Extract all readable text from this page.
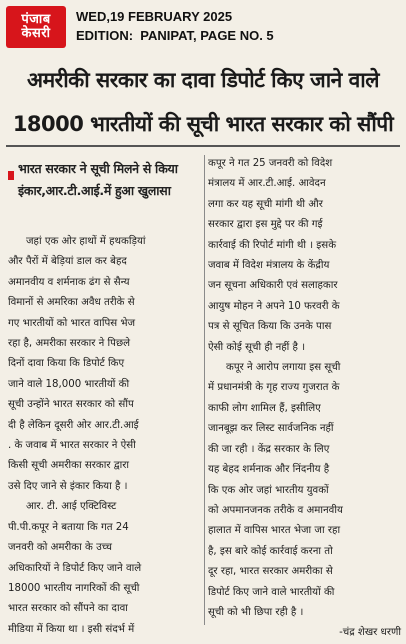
पंजाब
केसरी
WED,19 FEBRUARY 2025
EDITION:  PANIPAT, PAGE NO. 5
अमरीकी सरकार का दावा डिपोर्ट किए जाने वाले
18000 भारतीयों की सूची भारत सरकार को सौंपी
भारत सरकार ने सूची मिलने से किया
इंकार,आर.टी.आई.में हुआ खुलासा

जहां एक ओर हाथों में हथकड़ियां

और पैरों में बेड़ियां डाल कर बेहद

अमानवीय व शर्मनाक ढंग से सैन्य

विमानों से अमरिका अवैध तरीके से

गए भारतीयों को भारत वापिस भेज

रहा है, अमरीका सरकार ने पिछले

दिनों दावा किया कि डिपोर्ट किए

जाने वाले 18,000 भारतीयों की

सूची उन्होंने भारत सरकार को सौंप

दी है लेकिन दूसरी ओर आर.टी.आई

. के जवाब में भारत सरकार ने ऐसी

किसी सूची अमरीका सरकार द्वारा

उसे दिए जाने से इंकार किया है ।

आर. टी. आई एक्टिविस्ट

पी.पी.कपूर ने बताया कि गत 24

जनवरी को अमरीका के उच्च

अधिकारियों ने डिपोर्ट किए जाने वाले

18000 भारतीय नागरिकों की सूची

भारत सरकार को सौंपने का दावा

मीडिया में किया था । इसी संदर्भ में

कपूर ने गत 25 जनवरी को विदेश

मंत्रालय में आर.टी.आई. आवेदन

लगा कर यह सूची मांगी थी और

सरकार द्वारा इस मुद्दे पर की गई

कार्रवाई की रिपोर्ट मांगी थी । इसके

जवाब में विदेश मंत्रालय के केंद्रीय

जन सूचना अधिकारी एवं सलाहकार

आयुष मोहन ने अपने 10 फरवरी के

पत्र से सूचित किया कि उनके पास

ऐसी कोई सूची ही नहीं है ।

कपूर ने आरोप लगाया इस सूची

में प्रधानमंत्री के गृह राज्य गुजरात के

काफी लोग शामिल हैं, इसीलिए

जानबूझ कर लिस्ट सार्वजनिक नहीं

की जा रही । केंद्र सरकार के लिए

यह बेहद शर्मनाक और निंदनीय है

कि एक ओर जहां भारतीय युवकों

को अपमानजनक तरीके व अमानवीय

हालात में वापिस भारत भेजा जा रहा

है, इस बारे कोई कार्रवाई करना तो

दूर रहा, भारत सरकार अमरीका से

डिपोर्ट किए जाने वाले भारतीयों की

सूची को भी छिपा रही है ।

-चंद्र शेखर धरणी
